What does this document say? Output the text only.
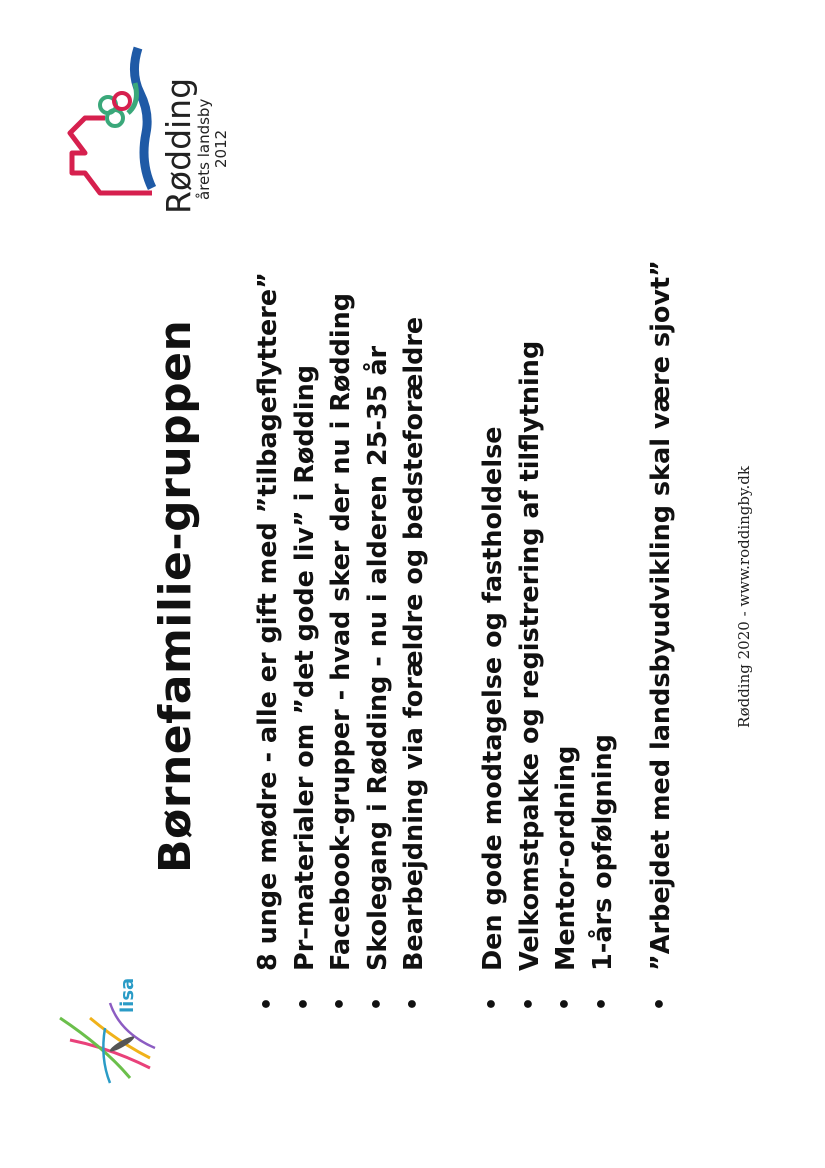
lisa
Børnefamilie-gruppen • 8 unge mødre - alle er gift med ”tilbageflyttere” • Pr–materialer om ”det gode liv” i Rødding • Facebook-grupper - hvad sker der nu i Rødding • Skolegang i Rødding - nu i alderen 25-35 år • Bearbejdning via forældre og bedsteforældre • Den gode modtagelse og fastholdelse • Velkomstpakke og registrering af tilflytning • Mentor-ordning • 1-års opfølgning • ”Arbejdet med landsbyudvikling skal være sjovt”	Rødding 2020 - www.roddingby.dk
Rødding
årets landsby 2012
